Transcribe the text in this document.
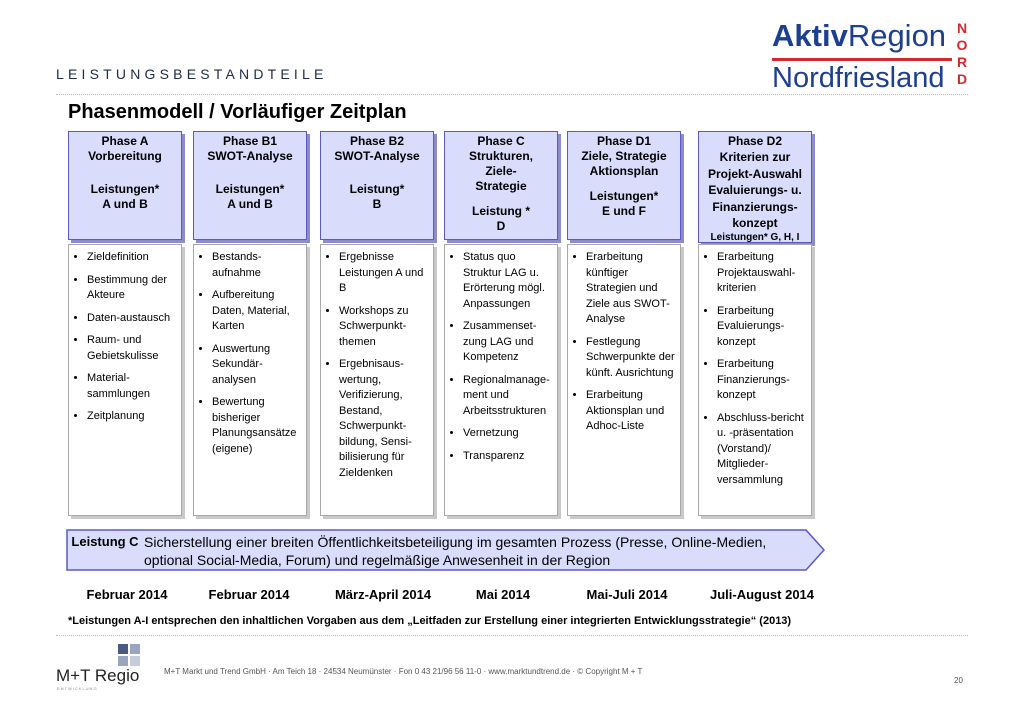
LEISTUNGSBESTANDTEILE
Phasenmodell / Vorläufiger Zeitplan
AktivRegion
Nordfriesland
N
O
R
D
Phase A
Vorbereitung
Leistungen*
A und B
Phase B1
SWOT-Analyse
Leistungen*
A und B
Phase B2
SWOT-Analyse
Leistung*
B
Phase C
Strukturen, Ziele-Strategie
Leistung *
D
Phase D1
Ziele, Strategie Aktionsplan
Leistungen*
E und F
Phase D2
Kriterien zur Projekt-Auswahl Evaluierungs- u. Finanzierungs-konzept
Leistungen* G, H, I
• Zieldefinition
• Bestimmung der Akteure
• Daten-austausch
• Raum- und Gebietskulisse
• Material-sammlungen
• Zeitplanung
• Bestands-aufnahme
• Aufbereitung Daten, Material, Karten
• Auswertung Sekundär-analysen
• Bewertung bisheriger Planungsansätze (eigene)
• Ergebnisse Leistungen A und B
• Workshops zu Schwerpunkt-themen
• Ergebnisaus-wertung, Verifizierung, Bestand, Schwerpunkt-bildung, Sensi-bilisierung für Zieldenken
• Status quo Struktur LAG u. Erörterung mögl. Anpassungen
• Zusammenset-zung LAG und Kompetenz
• Regionalmanage-ment und Arbeitsstrukturen
• Vernetzung
• Transparenz
• Erarbeitung künftiger Strategien und Ziele aus SWOT-Analyse
• Festlegung Schwerpunkte der künft. Ausrichtung
• Erarbeitung Aktionsplan und Adhoc-Liste
• Erarbeitung Projektauswahl-kriterien
• Erarbeitung Evaluierungs-konzept
• Erarbeitung Finanzierungs-konzept
• Abschluss-bericht u. -präsentation (Vorstand)/ Mitglieder-versammlung
Leistung C Sicherstellung einer breiten Öffentlichkeitsbeteiligung im gesamten Prozess (Presse, Online-Medien, optional Social-Media, Forum) und regelmäßige Anwesenheit in der Region
Februar 2014	Februar 2014	März-April 2014	Mai 2014	Mai-Juli 2014	Juli-August 2014
*Leistungen A-I entsprechen den inhaltlichen Vorgaben aus dem „Leitfaden zur Erstellung einer integrierten Entwicklungsstrategie“ (2013)
M+T Regio
ENTWICKLUNG
M+T Markt und Trend GmbH · Am Teich 18 · 24534 Neumünster · Fon 0 43 21/96 56 11-0 · www.marktundtrend.de · © Copyright M + T
20
